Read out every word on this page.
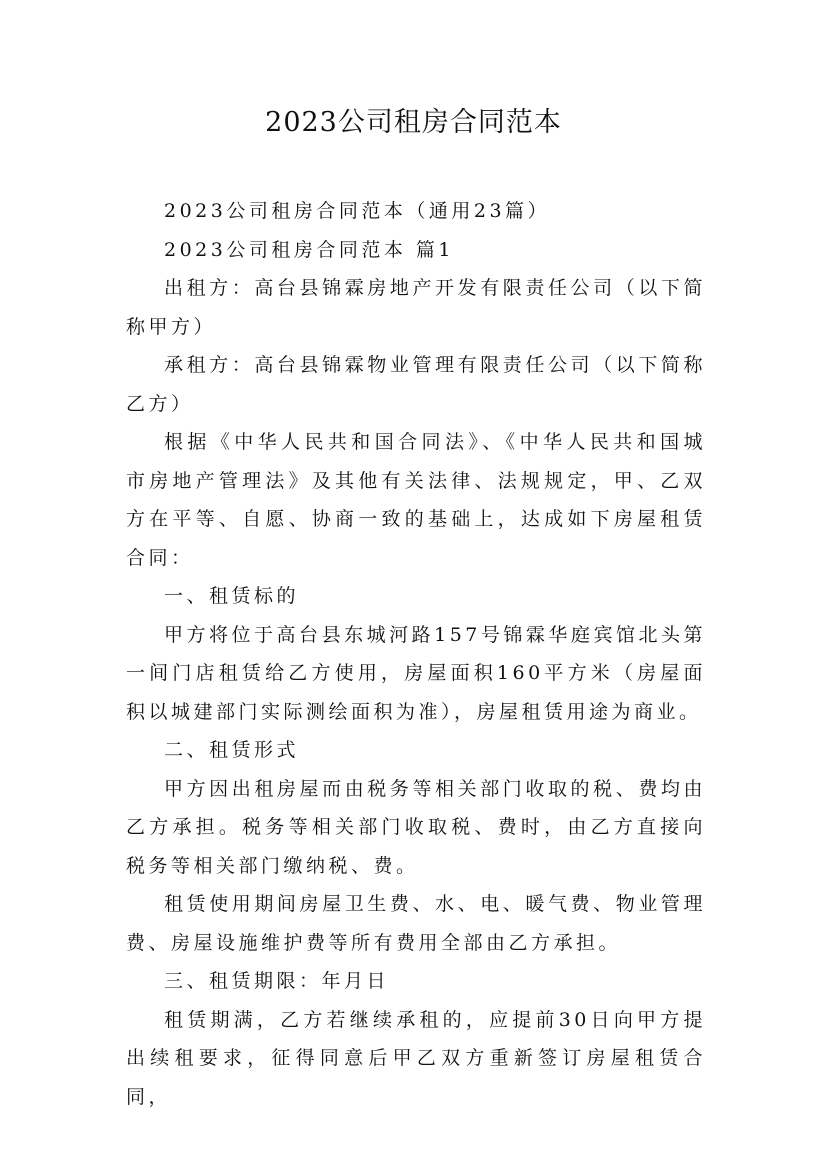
2023公司租房合同范本

2023公司租房合同范本（通用23篇）

2023公司租房合同范本 篇1

出租方：高台县锦霖房地产开发有限责任公司（以下简称甲方）

承租方：高台县锦霖物业管理有限责任公司（以下简称乙方）

根据《中华人民共和国合同法》、《中华人民共和国城市房地产管理法》及其他有关法律、法规规定，甲、乙双方在平等、自愿、协商一致的基础上，达成如下房屋租赁合同：

一、租赁标的

甲方将位于高台县东城河路157号锦霖华庭宾馆北头第一间门店租赁给乙方使用，房屋面积160平方米（房屋面积以城建部门实际测绘面积为准），房屋租赁用途为商业。

二、租赁形式

甲方因出租房屋而由税务等相关部门收取的税、费均由乙方承担。税务等相关部门收取税、费时，由乙方直接向税务等相关部门缴纳税、费。

租赁使用期间房屋卫生费、水、电、暖气费、物业管理费、房屋设施维护费等所有费用全部由乙方承担。

三、租赁期限：年月日

租赁期满，乙方若继续承租的，应提前30日向甲方提出续租要求，征得同意后甲乙双方重新签订房屋租赁合同，
